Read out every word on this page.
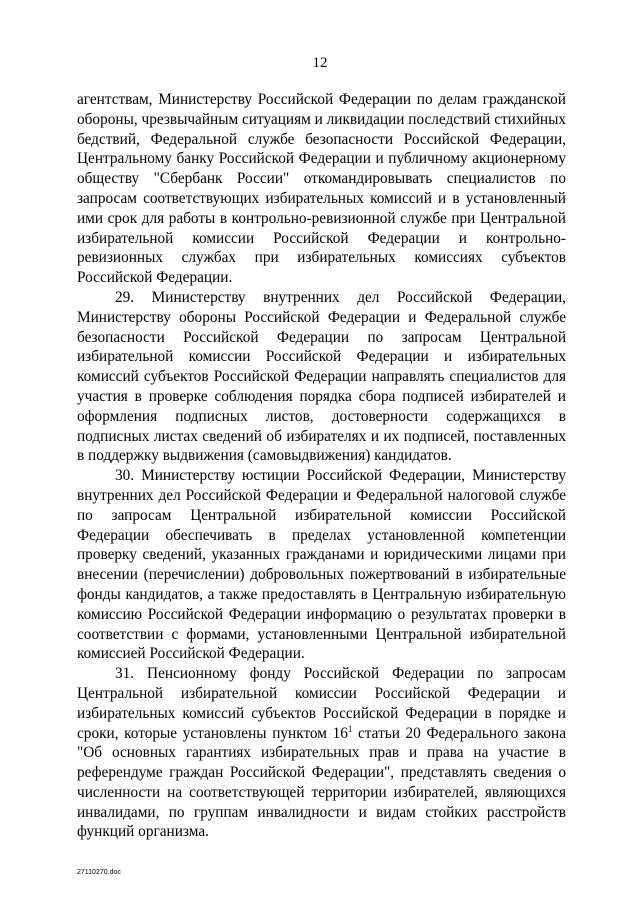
12

агентствам, Министерству Российской Федерации по делам гражданской обороны, чрезвычайным ситуациям и ликвидации последствий стихийных бедствий, Федеральной службе безопасности Российской Федерации, Центральному банку Российской Федерации и публичному акционерному обществу "Сбербанк России" откомандировывать специалистов по запросам соответствующих избирательных комиссий и в установленный ими срок для работы в контрольно-ревизионной службе при Центральной избирательной комиссии Российской Федерации и контрольно-ревизионных службах при избирательных комиссиях субъектов Российской Федерации.

29. Министерству внутренних дел Российской Федерации, Министерству обороны Российской Федерации и Федеральной службе безопасности Российской Федерации по запросам Центральной избирательной комиссии Российской Федерации и избирательных комиссий субъектов Российской Федерации направлять специалистов для участия в проверке соблюдения порядка сбора подписей избирателей и оформления подписных листов, достоверности содержащихся в подписных листах сведений об избирателях и их подписей, поставленных в поддержку выдвижения (самовыдвижения) кандидатов.

30. Министерству юстиции Российской Федерации, Министерству внутренних дел Российской Федерации и Федеральной налоговой службе по запросам Центральной избирательной комиссии Российской Федерации обеспечивать в пределах установленной компетенции проверку сведений, указанных гражданами и юридическими лицами при внесении (перечислении) добровольных пожертвований в избирательные фонды кандидатов, а также предоставлять в Центральную избирательную комиссию Российской Федерации информацию о результатах проверки в соответствии с формами, установленными Центральной избирательной комиссией Российской Федерации.

31. Пенсионному фонду Российской Федерации по запросам Центральной избирательной комиссии Российской Федерации и избирательных комиссий субъектов Российской Федерации в порядке и сроки, которые установлены пунктом $16^1$ статьи 20 Федерального закона "Об основных гарантиях избирательных прав и права на участие в референдуме граждан Российской Федерации", представлять сведения о численности на соответствующей территории избирателей, являющихся инвалидами, по группам инвалидности и видам стойких расстройств функций организма.

27110270.doc
